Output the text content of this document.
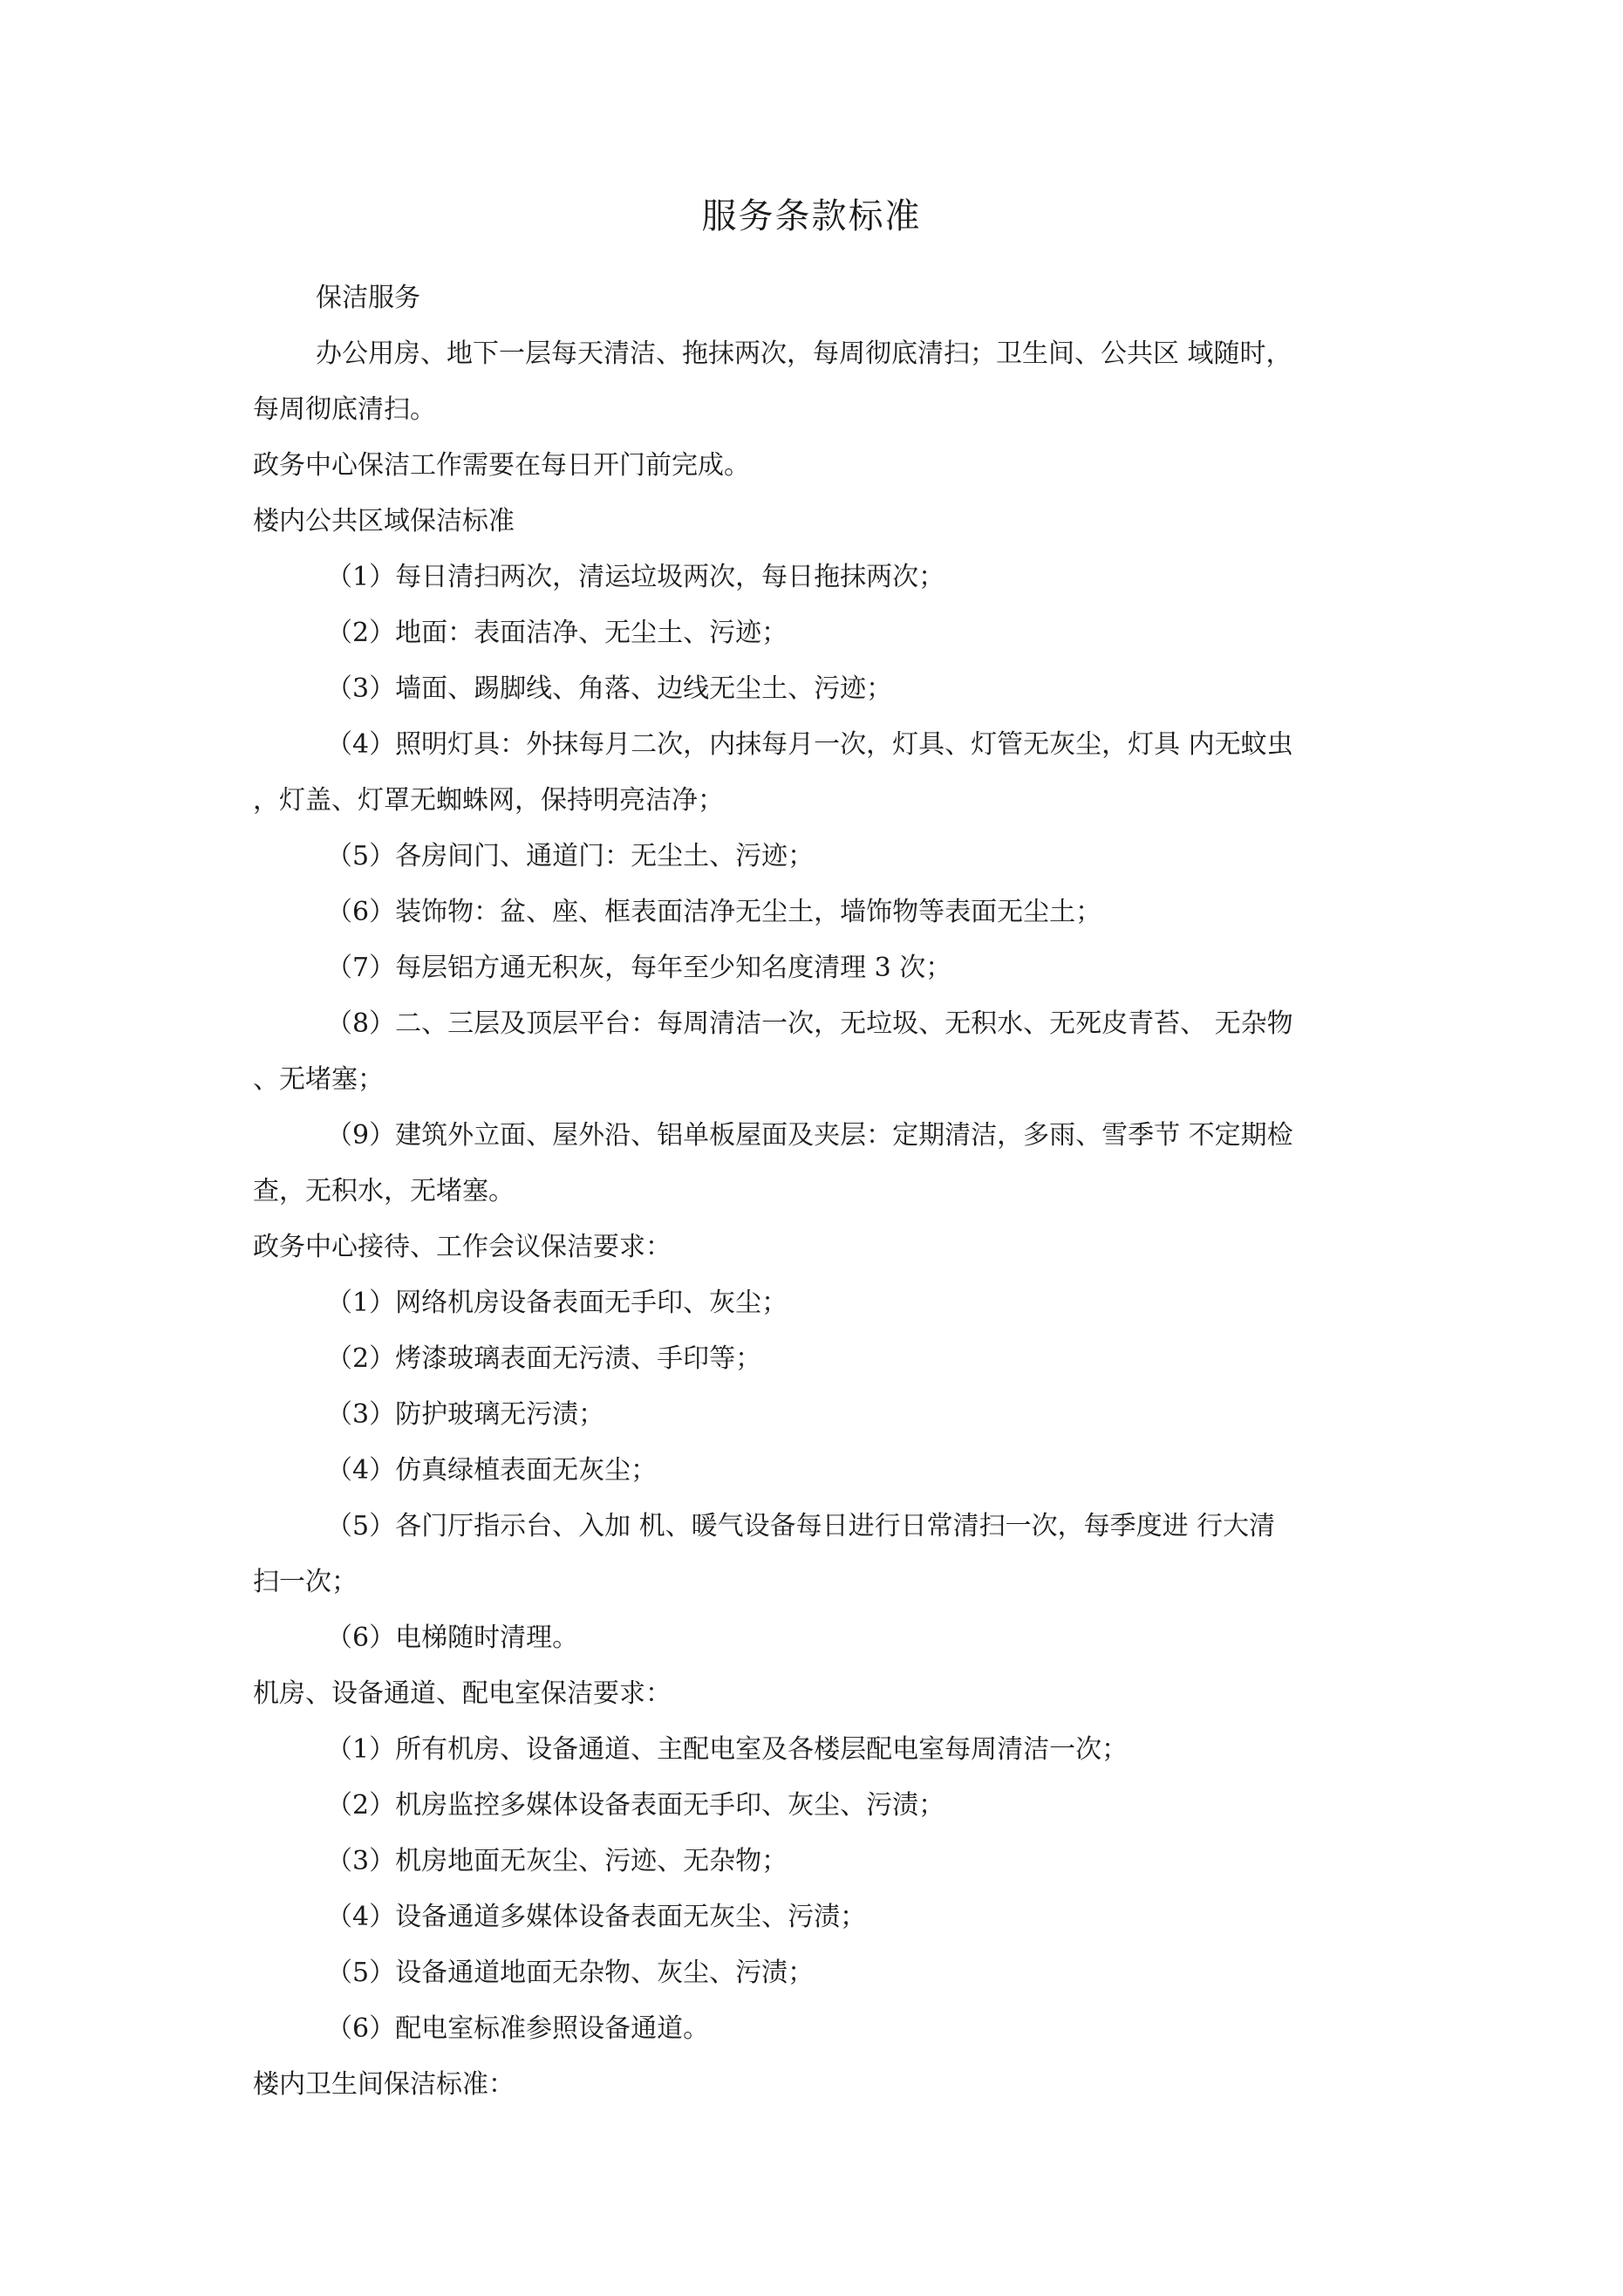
服务条款标准

保洁服务

办公用房、地下一层每天清洁、拖抹两次，每周彻底清扫；卫生间、公共区 域随时，

每周彻底清扫。

政务中心保洁工作需要在每日开门前完成。

楼内公共区域保洁标准

（1）每日清扫两次，清运垃圾两次，每日拖抹两次；

（2）地面：表面洁净、无尘土、污迹；

（3）墙面、踢脚线、角落、边线无尘土、污迹；

（4）照明灯具：外抹每月二次，内抹每月一次，灯具、灯管无灰尘，灯具 内无蚊虫

，灯盖、灯罩无蜘蛛网，保持明亮洁净；

（5）各房间门、通道门：无尘土、污迹；

（6）装饰物：盆、座、框表面洁净无尘土，墙饰物等表面无尘土；

（7）每层铝方通无积灰，每年至少知名度清理 3 次；

（8）二、三层及顶层平台：每周清洁一次，无垃圾、无积水、无死皮青苔、 无杂物

、无堵塞；

（9）建筑外立面、屋外沿、铝单板屋面及夹层：定期清洁，多雨、雪季节 不定期检

查，无积水，无堵塞。

政务中心接待、工作会议保洁要求：

（1）网络机房设备表面无手印、灰尘；

（2）烤漆玻璃表面无污渍、手印等；

（3）防护玻璃无污渍；

（4）仿真绿植表面无灰尘；

（5）各门厅指示台、入加 机、暖气设备每日进行日常清扫一次，每季度进 行大清

扫一次；

（6）电梯随时清理。

机房、设备通道、配电室保洁要求：

（1）所有机房、设备通道、主配电室及各楼层配电室每周清洁一次；

（2）机房监控多媒体设备表面无手印、灰尘、污渍；

（3）机房地面无灰尘、污迹、无杂物；

（4）设备通道多媒体设备表面无灰尘、污渍；

（5）设备通道地面无杂物、灰尘、污渍；

（6）配电室标准参照设备通道。

楼内卫生间保洁标准：
